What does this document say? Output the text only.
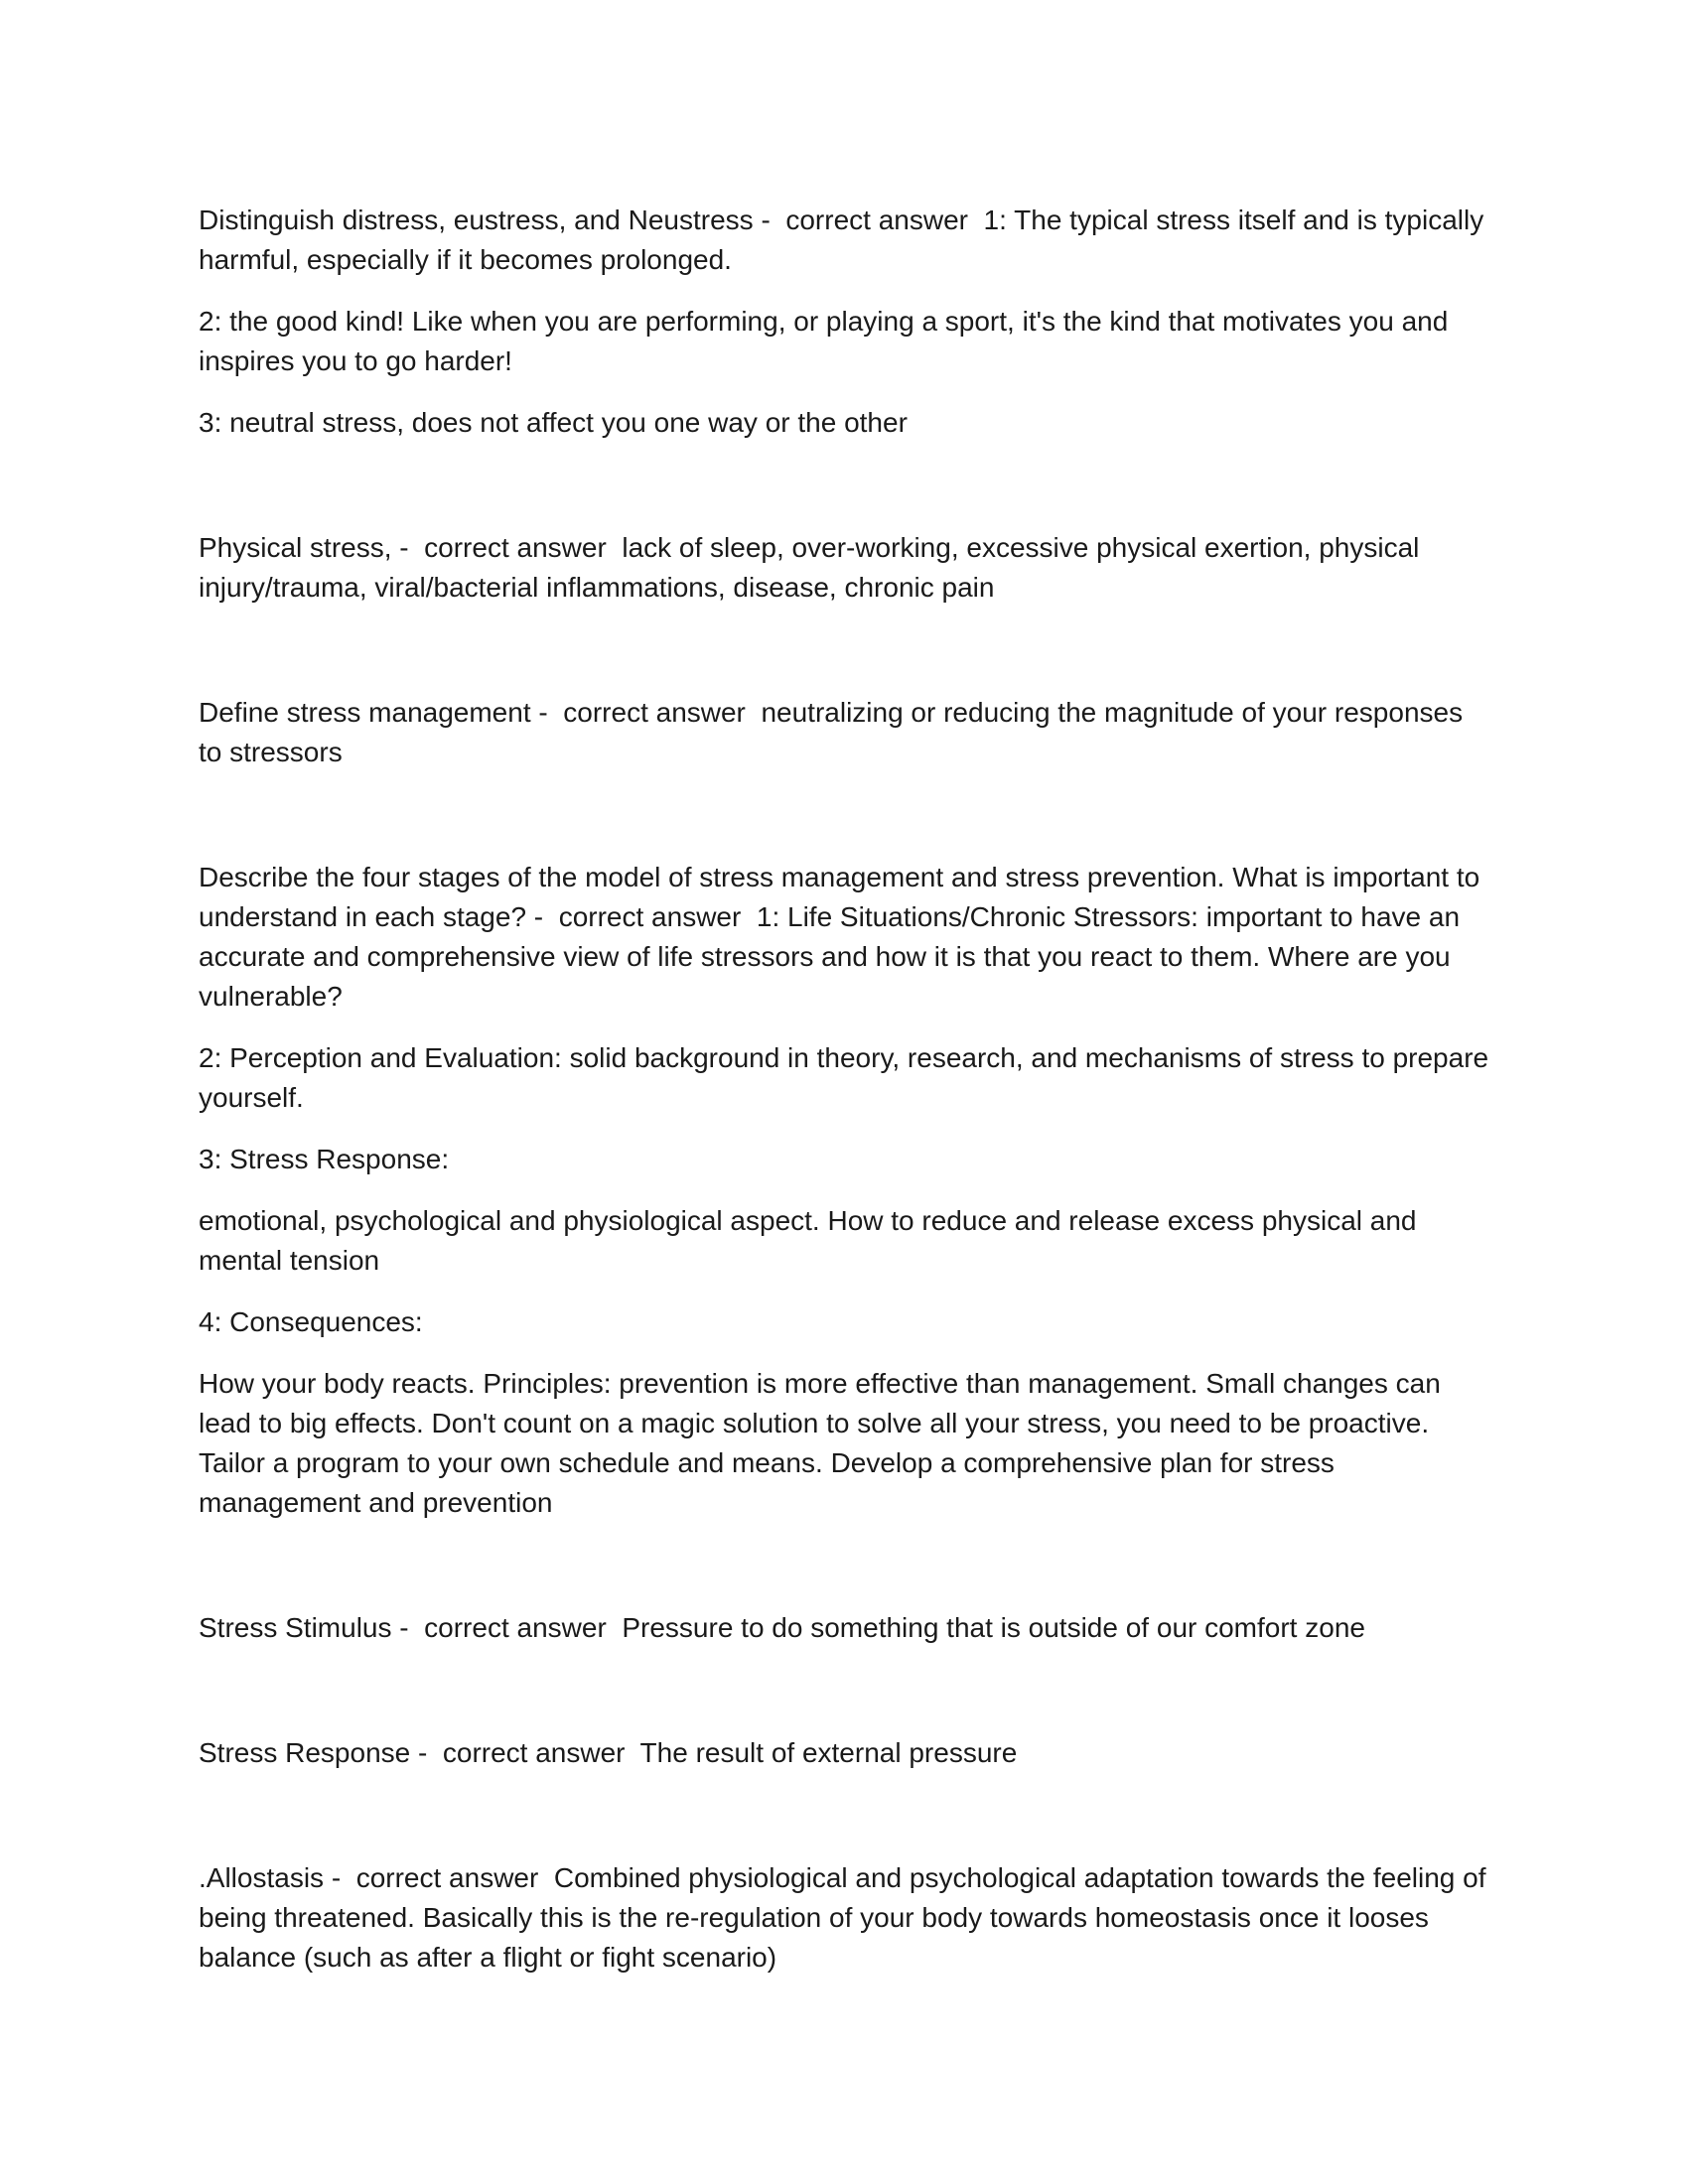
Distinguish distress, eustress, and Neustress -  correct answer  1: The typical stress itself and is typically harmful, especially if it becomes prolonged.

2: the good kind! Like when you are performing, or playing a sport, it's the kind that motivates you and inspires you to go harder!

3: neutral stress, does not affect you one way or the other

Physical stress, -  correct answer  lack of sleep, over-working, excessive physical exertion, physical injury/trauma, viral/bacterial inflammations, disease, chronic pain

Define stress management -  correct answer  neutralizing or reducing the magnitude of your responses to stressors

Describe the four stages of the model of stress management and stress prevention. What is important to understand in each stage? -  correct answer  1: Life Situations/Chronic Stressors: important to have an accurate and comprehensive view of life stressors and how it is that you react to them. Where are you vulnerable?

2: Perception and Evaluation: solid background in theory, research, and mechanisms of stress to prepare yourself.

3: Stress Response:

emotional, psychological and physiological aspect. How to reduce and release excess physical and mental tension

4: Consequences:

How your body reacts. Principles: prevention is more effective than management. Small changes can lead to big effects. Don't count on a magic solution to solve all your stress, you need to be proactive. Tailor a program to your own schedule and means. Develop a comprehensive plan for stress management and prevention

Stress Stimulus -  correct answer  Pressure to do something that is outside of our comfort zone

Stress Response -  correct answer  The result of external pressure

.Allostasis -  correct answer  Combined physiological and psychological adaptation towards the feeling of being threatened. Basically this is the re-regulation of your body towards homeostasis once it looses balance (such as after a flight or fight scenario)
